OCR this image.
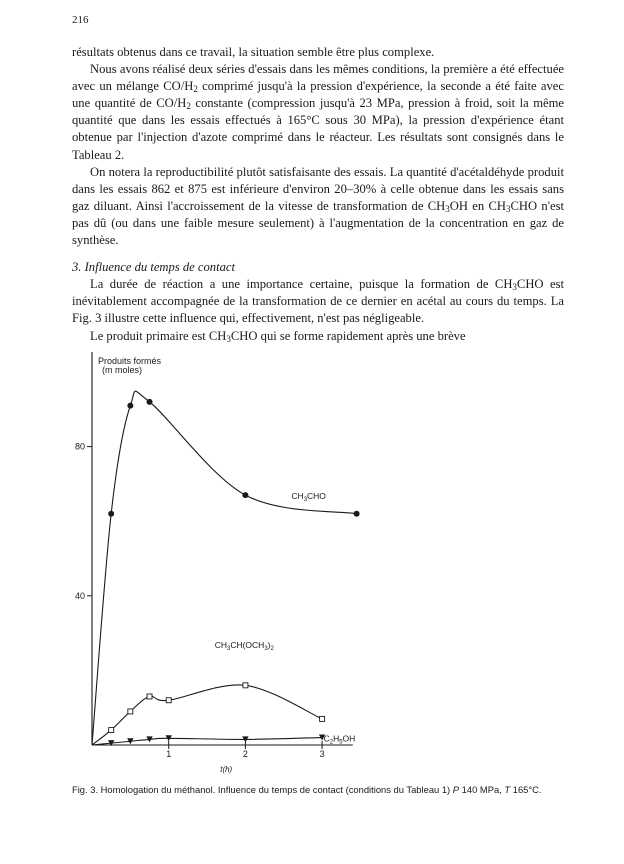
216

résultats obtenus dans ce travail, la situation semble être plus complexe.

Nous avons réalisé deux séries d'essais dans les mêmes conditions, la première a été effectuée avec un mélange $CO/H_2$ comprimé jusqu'à la pression d'expérience, la seconde a été faite avec une quantité de $CO/H_2$ constante (compression jusqu'à 23 MPa, pression à froid, soit la même quantité que dans les essais effectués à 165°C sous 30 MPa), la pression d'expérience étant obtenue par l'injection d'azote comprimé dans le réacteur. Les résultats sont consignés dans le Tableau 2.

On notera la reproductibilité plutôt satisfaisante des essais. La quantité d'acétaldéhyde produit dans les essais 862 et 875 est inférieure d'environ 20–30% à celle obtenue dans les essais sans gaz diluant. Ainsi l'accroissement de la vitesse de transformation de $CH_3OH$ en $CH_3CHO$ n'est pas dû (ou dans une faible mesure seulement) à l'augmentation de la concentration en gaz de synthèse.

3. Influence du temps de contact

La durée de réaction a une importance certaine, puisque la formation de $CH_3CHO$ est inévitablement accompagnée de la transformation de ce dernier en acétal au cours du temps. La Fig. 3 illustre cette influence qui, effectivement, n'est pas négligeable.

Le produit primaire est $CH_3CHO$ qui se forme rapidement après une brève

40
80
1	2	3
Produits formés
(m moles)
t(h)
$CH_3CHO$
$CH_3CH(OCH_3)_2$
$C_2H_5OH$
Fig. 3. Homologation du méthanol. Influence du temps de contact (conditions du Tableau 1) P 140 MPa, T 165°C.
